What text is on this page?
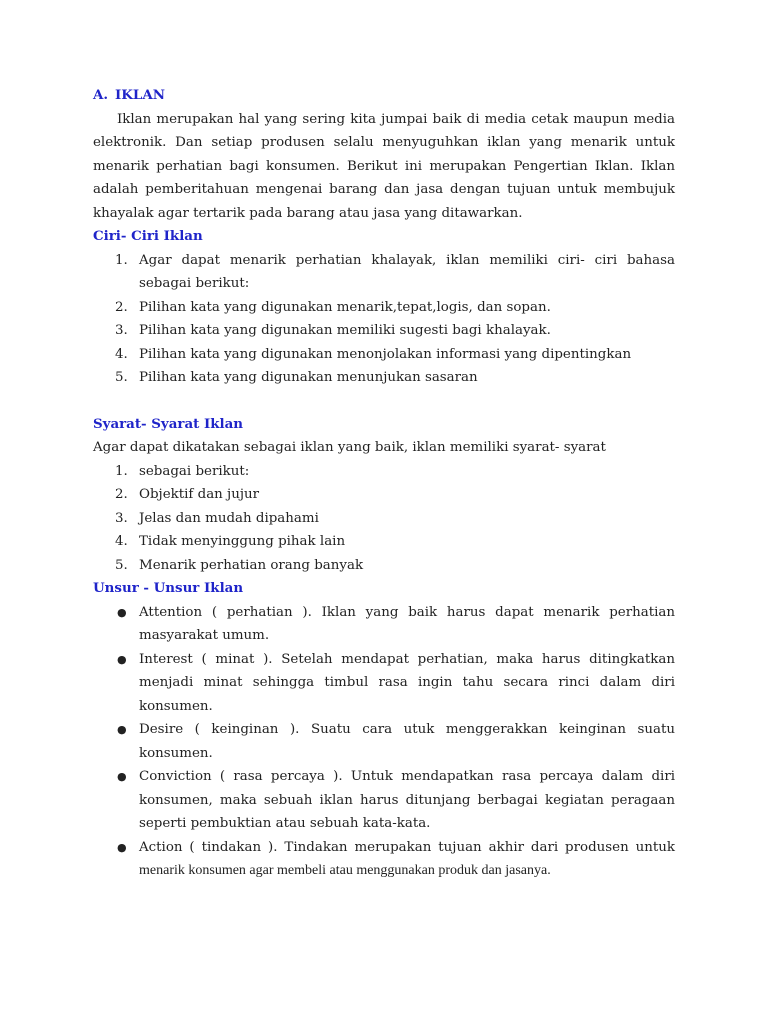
A. IKLAN

Iklan merupakan hal yang sering kita jumpai baik di media cetak maupun media elektronik. Dan setiap produsen selalu menyuguhkan iklan yang menarik untuk menarik perhatian bagi konsumen. Berikut ini merupakan Pengertian Iklan. Iklan adalah pemberitahuan mengenai barang dan jasa dengan tujuan untuk membujuk khayalak agar tertarik pada barang atau jasa yang ditawarkan.

Ciri- Ciri Iklan

1. Agar dapat menarik perhatian khalayak, iklan memiliki ciri- ciri bahasa sebagai berikut:
2. Pilihan kata yang digunakan menarik,tepat,logis, dan sopan.
3. Pilihan kata yang digunakan memiliki sugesti bagi khalayak.
4. Pilihan kata yang digunakan menonjolakan informasi yang dipentingkan
5. Pilihan kata yang digunakan menunjukan sasaran

Syarat- Syarat Iklan

Agar dapat dikatakan sebagai iklan yang baik, iklan memiliki syarat- syarat

1. sebagai berikut:
2. Objektif dan jujur
3. Jelas dan mudah dipahami
4. Tidak menyinggung pihak lain
5. Menarik perhatian orang banyak

Unsur - Unsur Iklan

● Attention ( perhatian ). Iklan yang baik harus dapat menarik perhatian masyarakat umum.
● Interest ( minat ). Setelah mendapat perhatian, maka harus ditingkatkan menjadi minat sehingga timbul rasa ingin tahu secara rinci dalam diri konsumen.
● Desire ( keinginan ). Suatu cara utuk menggerakkan keinginan suatu konsumen.
● Conviction ( rasa percaya ). Untuk mendapatkan rasa percaya dalam diri konsumen, maka sebuah iklan harus ditunjang berbagai kegiatan peragaan seperti pembuktian atau sebuah kata-kata.
● Action ( tindakan ). Tindakan merupakan tujuan akhir dari produsen untuk menarik konsumen agar membeli atau menggunakan produk dan jasanya.
